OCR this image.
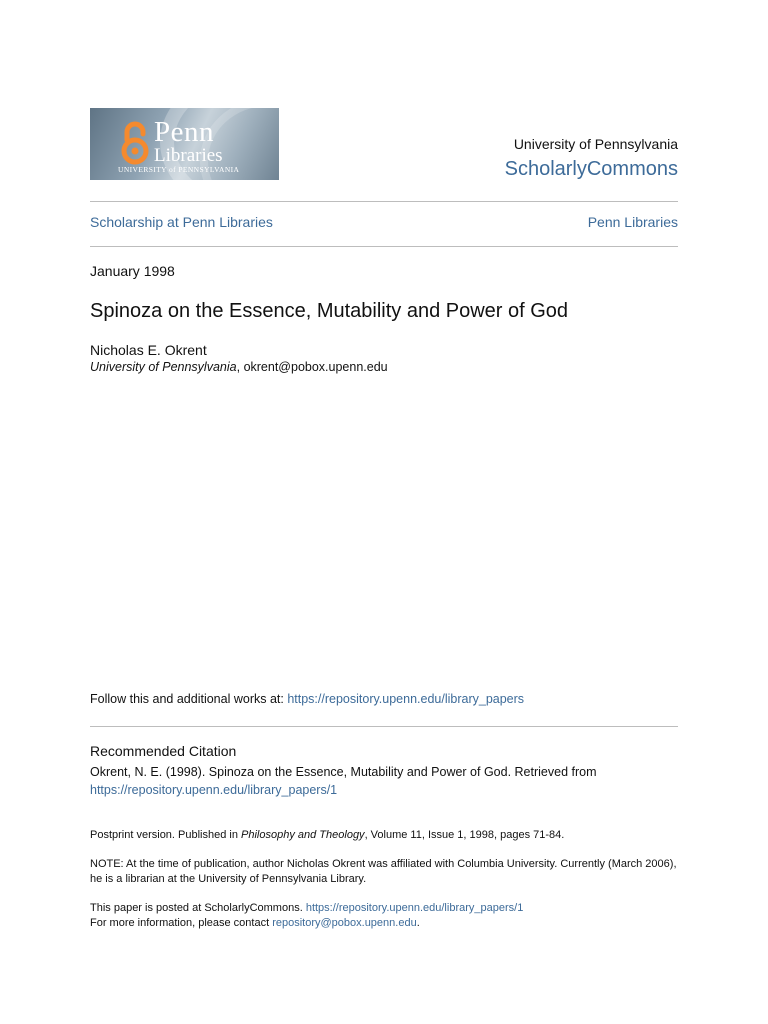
Penn
Libraries
UNIVERSITY of PENNSYLVANIA
University of Pennsylvania
ScholarlyCommons
Scholarship at Penn Libraries	Penn Libraries
January 1998
Spinoza on the Essence, Mutability and Power of God
Nicholas E. Okrent
University of Pennsylvania, okrent@pobox.upenn.edu
Follow this and additional works at: https://repository.upenn.edu/library_papers
Recommended Citation
Okrent, N. E. (1998). Spinoza on the Essence, Mutability and Power of God. Retrieved from
https://repository.upenn.edu/library_papers/1
Postprint version. Published in Philosophy and Theology, Volume 11, Issue 1, 1998, pages 71-84.
NOTE: At the time of publication, author Nicholas Okrent was affiliated with Columbia University. Currently (March 2006), he is a librarian at the University of Pennsylvania Library.
This paper is posted at ScholarlyCommons. https://repository.upenn.edu/library_papers/1
For more information, please contact repository@pobox.upenn.edu.
